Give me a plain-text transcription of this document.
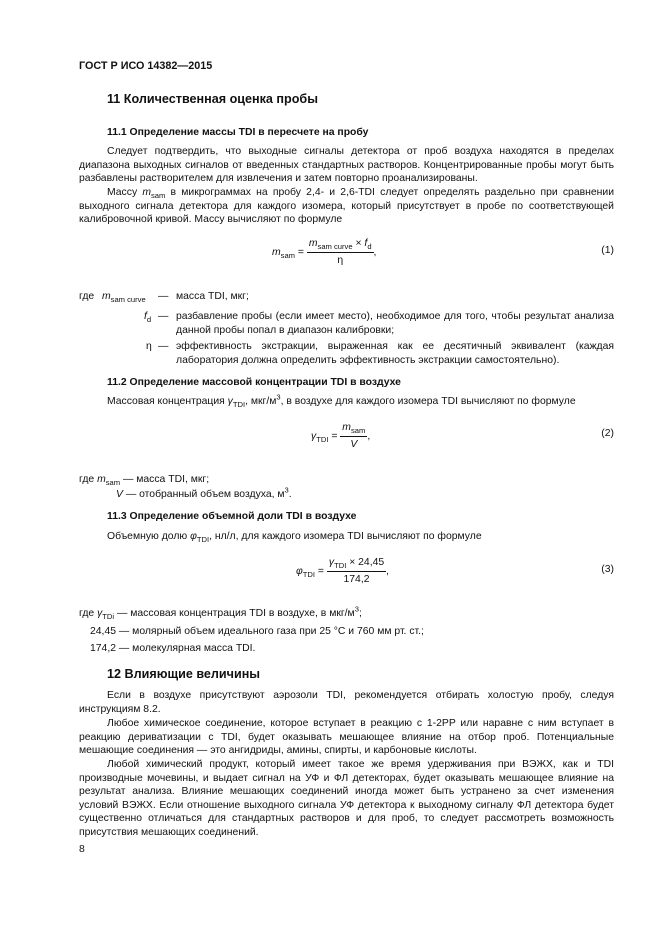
ГОСТ Р ИСО 14382—2015
11 Количественная оценка пробы
11.1 Определение массы TDI в пересчете на пробу

Следует подтвердить, что выходные сигналы детектора от проб воздуха находятся в пределах диапазона выходных сигналов от введенных стандартных растворов. Концентрированные пробы могут быть разбавлены растворителем для извлечения и затем повторно проанализированы.

Массу $m_{sam}$ в микрограммах на пробу 2,4- и 2,6-TDI следует определять раздельно при сравнении выходного сигнала детектора для каждого изомера, который присутствует в пробе по соответствующей калибровочной кривой. Массу вычисляют по формуле

$m_{sam} = \frac{m_{sam curve} \times f_d}{\eta}$ ,	(1)
где $m_{sam curve}$ — масса TDI, мкг;
$f_d$ — разбавление пробы (если имеет место), необходимое для того, чтобы результат анализа данной пробы попал в диапазон калибровки;
η — эффективность экстракции, выраженная как ее десятичный эквивалент (каждая лаборатория должна определить эффективность экстракции самостоятельно).
11.2 Определение массовой концентрации TDI в воздухе
Массовая концентрация $\gamma_{TDI}$, мкг/$м^3$, в воздухе для каждого изомера TDI вычисляют по формуле
$\gamma_{TDI} = \frac{m_{sam}}{V}$ ,	(2)
где $m_{sam}$ — масса TDI, мкг;
V — отобранный объем воздуха, $м^3$.
11.3 Определение объемной доли TDI в воздухе
Объемную долю $\varphi_{TDI}$, нл/л, для каждого изомера TDI вычисляют по формуле
$\varphi_{TDI} = \frac{\gamma_{TDI} \times 24,45}{174,2}$ ,	(3)
где $\gamma_{TDi}$ — массовая концентрация TDI в воздухе, в мкг/$м^3$;
24,45 — молярный объем идеального газа при 25 °C и 760 мм рт. ст.;
174,2 — молекулярная масса TDI.
12 Влияющие величины

Если в воздухе присутствуют аэрозоли TDI, рекомендуется отбирать холостую пробу, следуя инструкциям 8.2.

Любое химическое соединение, которое вступает в реакцию с 1-2PP или наравне с ним вступает в реакцию дериватизации с TDI, будет оказывать мешающее влияние на отбор проб. Потенциальные мешающие соединения — это ангидриды, амины, спирты, и карбоновые кислоты.

Любой химический продукт, который имеет такое же время удерживания при ВЭЖХ, как и TDI производные мочевины, и выдает сигнал на УФ и ФЛ детекторах, будет оказывать мешающее влияние на результат анализа. Влияние мешающих соединений иногда может быть устранено за счет изменения условий ВЭЖХ. Если отношение выходного сигнала УФ детектора к выходному сигналу ФЛ детектора будет существенно отличаться для стандартных растворов и для проб, то следует рассмотреть возможность присутствия мешающих соединений.

8
